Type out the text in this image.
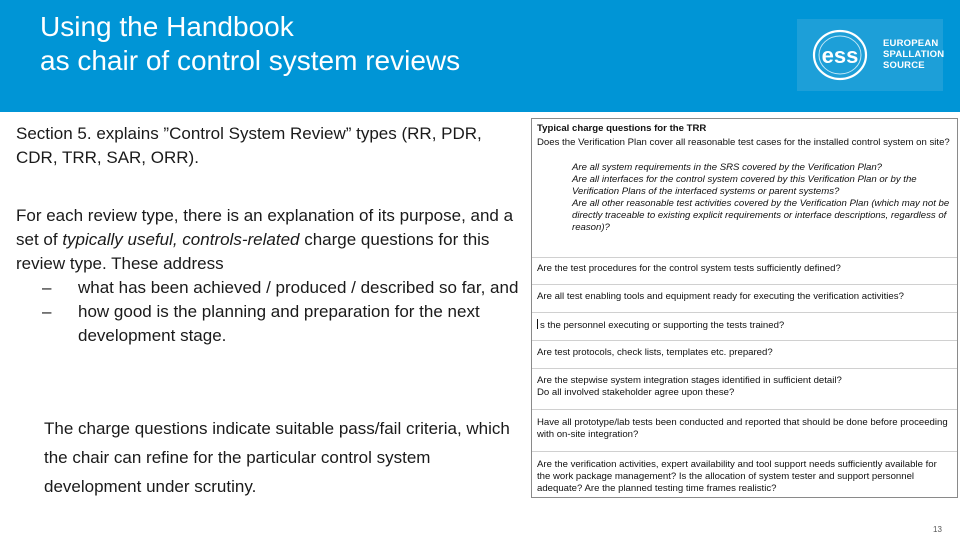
Using the Handbook
as chair of control system reviews	ess	EUROPEAN
SPALLATION
SOURCE
Section 5. explains ”Control System Review” types (RR, PDR, CDR, TRR, SAR, ORR).
For each review type, there is an explanation of its purpose, and a set of typically useful, controls-related charge questions for this review type. These address
–	what has been achieved / produced / described so far, and
–	how good is the planning and preparation for the next development stage.
The charge questions indicate suitable pass/fail criteria, which the chair can refine for the particular control system development under scrutiny.
Typical charge questions for the TRR
Does the Verification Plan cover all reasonable test cases for the installed control system on site?
Are all system requirements in the SRS covered by the Verification Plan?
Are all interfaces for the control system covered by this Verification Plan or by the Verification Plans of the interfaced systems or parent systems?
Are all other reasonable test activities covered by the Verification Plan (which may not be directly traceable to existing explicit requirements or interface descriptions, regardless of reason)?
Are the test procedures for the control system tests sufficiently defined?
Are all test enabling tools and equipment ready for executing the verification activities?
s the personnel executing or supporting the tests trained?
Are test protocols, check lists, templates etc. prepared?
Are the stepwise system integration stages identified in sufficient detail?
Do all involved stakeholder agree upon these?
Have all prototype/lab tests been conducted and reported that should be done before proceeding with on-site integration?
Are the verification activities, expert availability and tool support needs sufficiently available for the work package management? Is the allocation of system tester and support personnel adequate? Are the planned testing time frames realistic?
13
